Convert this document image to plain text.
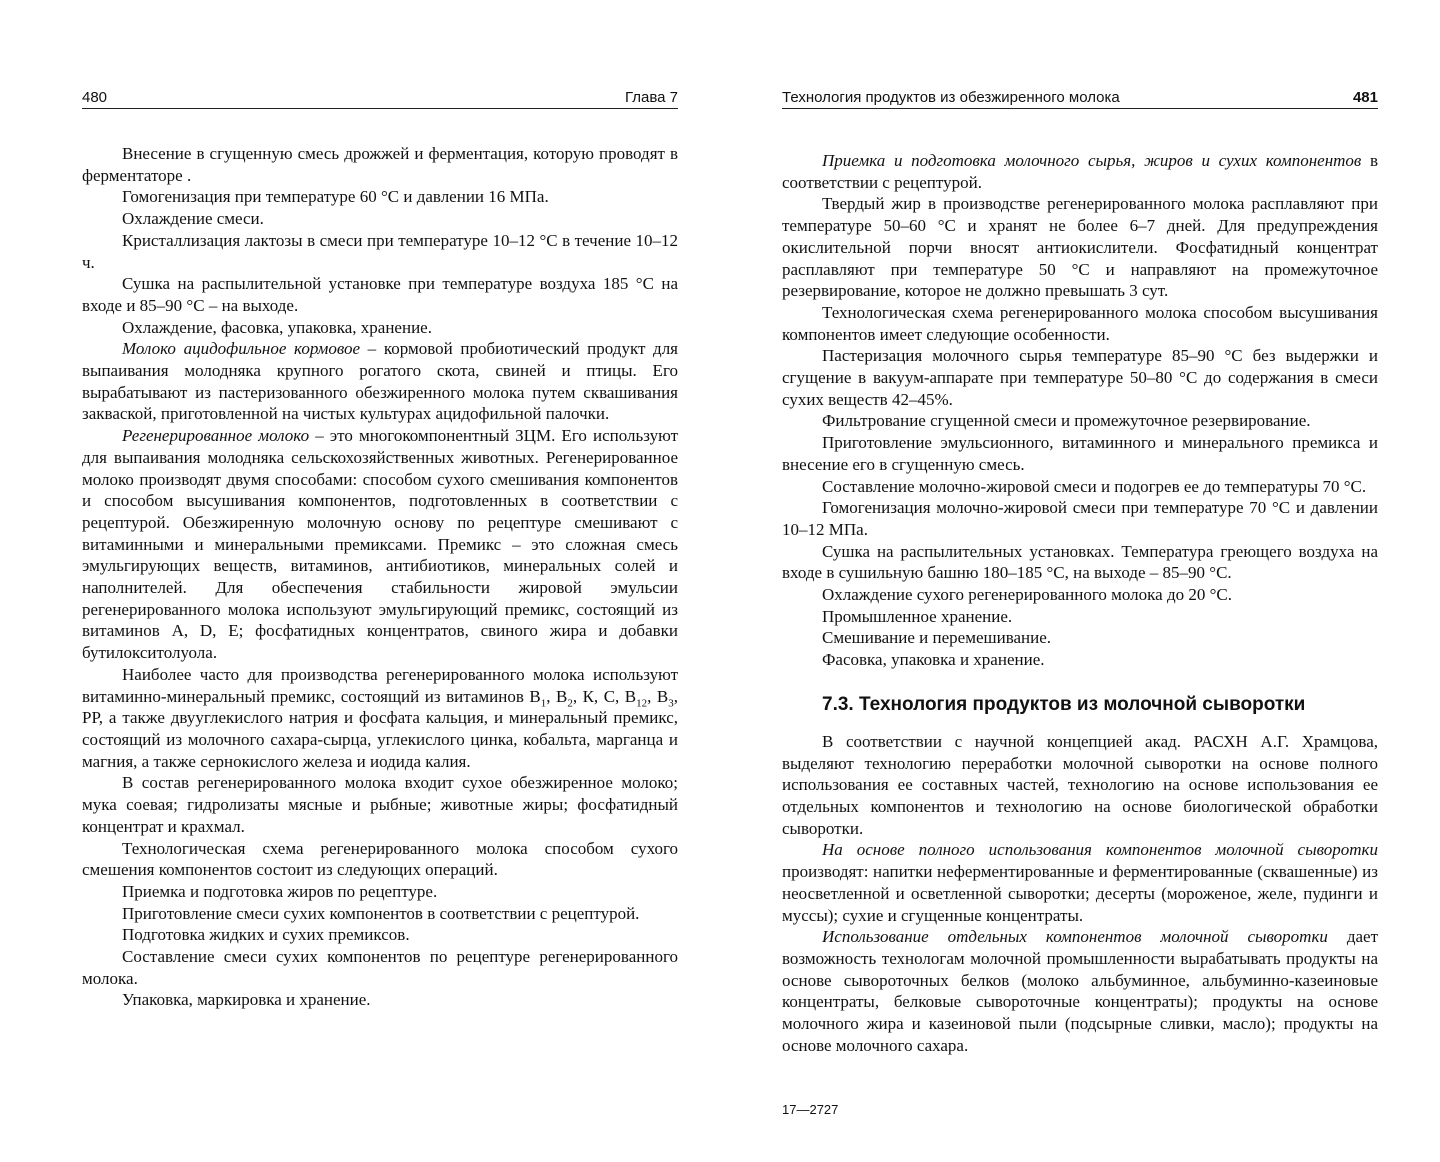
480	Глава 7

Внесение в сгущенную смесь дрожжей и ферментация, которую проводят в ферментаторе .

Гомогенизация при температуре 60 °С и давлении 16 МПа.

Охлаждение смеси.

Кристаллизация лактозы в смеси при температуре 10–12 °С в течение 10–12 ч.

Сушка на распылительной установке при температуре воздуха 185 °С на входе и 85–90 °С – на выходе.

Охлаждение, фасовка, упаковка, хранение.

Молоко ацидофильное кормовое – кормовой пробиотический продукт для выпаивания молодняка крупного рогатого скота, свиней и птицы. Его вырабатывают из пастеризованного обезжиренного молока путем сквашивания закваской, приготовленной на чистых культурах ацидофильной палочки.

Регенерированное молоко – это многокомпонентный ЗЦМ. Его используют для выпаивания молодняка сельскохозяйственных животных. Регенерированное молоко производят двумя способами: способом сухого смешивания компонентов и способом высушивания компонентов, подготовленных в соответствии с рецептурой. Обезжиренную молочную основу по рецептуре смешивают с витаминными и минеральными премиксами. Премикс – это сложная смесь эмульгирующих веществ, витаминов, антибиотиков, минеральных солей и наполнителей. Для обеспечения стабильности жировой эмульсии регенерированного молока используют эмульгирующий премикс, состоящий из витаминов А, D, Е; фосфатидных концентратов, свиного жира и добавки бутилокситолуола.

Наиболее часто для производства регенерированного молока используют витаминно-минеральный премикс, состоящий из витаминов $В_1$, $В_2$, К, С, $В_{12}$, $В_3$, РР, а также двууглекислого натрия и фосфата кальция, и минеральный премикс, состоящий из молочного сахара-сырца, углекислого цинка, кобальта, марганца и магния, а также сернокислого железа и иодида калия.

В состав регенерированного молока входит сухое обезжиренное молоко; мука соевая; гидролизаты мясные и рыбные; животные жиры; фосфатидный концентрат и крахмал.

Технологическая схема регенерированного молока способом сухого смешения компонентов состоит из следующих операций.

Приемка и подготовка жиров по рецептуре.

Приготовление смеси сухих компонентов в соответствии с рецептурой.

Подготовка жидких и сухих премиксов.

Составление смеси сухих компонентов по рецептуре регенерированного молока.

Упаковка, маркировка и хранение.

Технология продуктов из обезжиренного молока	481

Приемка и подготовка молочного сырья, жиров и сухих компонентов в соответствии с рецептурой.

Твердый жир в производстве регенерированного молока расплавляют при температуре 50–60 °С и хранят не более 6–7 дней. Для предупреждения окислительной порчи вносят антиокислители. Фосфатидный концентрат расплавляют при температуре 50 °С и направляют на промежуточное резервирование, которое не должно превышать 3 сут.

Технологическая схема регенерированного молока способом высушивания компонентов имеет следующие особенности.

Пастеризация молочного сырья температуре 85–90 °С без выдержки и сгущение в вакуум-аппарате при температуре 50–80 °С до содержания в смеси сухих веществ 42–45%.

Фильтрование сгущенной смеси и промежуточное резервирование.

Приготовление эмульсионного, витаминного и минерального премикса и внесение его в сгущенную смесь.

Составление молочно-жировой смеси и подогрев ее до температуры 70 °С.

Гомогенизация молочно-жировой смеси при температуре 70 °С и давлении 10–12 МПа.

Сушка на распылительных установках. Температура греющего воздуха на входе в сушильную башню 180–185 °С, на выходе – 85–90 °С.

Охлаждение сухого регенерированного молока до 20 °С.

Промышленное хранение.

Смешивание и перемешивание.

Фасовка, упаковка и хранение.

7.3. Технология продуктов из молочной сыворотки

В соответствии с научной концепцией акад. РАСХН А.Г. Храмцова, выделяют технологию переработки молочной сыворотки на основе полного использования ее составных частей, технологию на основе использования ее отдельных компонентов и технологию на основе биологической обработки сыворотки.

На основе полного использования компонентов молочной сыворотки производят: напитки неферментированные и ферментированные (сквашенные) из неосветленной и осветленной сыворотки; десерты (мороженое, желе, пудинги и муссы); сухие и сгущенные концентраты.

Использование отдельных компонентов молочной сыворотки дает возможность технологам молочной промышленности вырабатывать продукты на основе сывороточных белков (молоко альбуминное, альбуминно-казеиновые концентраты, белковые сывороточные концентраты); продукты на основе молочного жира и казеиновой пыли (подсырные сливки, масло); продукты на основе молочного сахара.

17—2727
